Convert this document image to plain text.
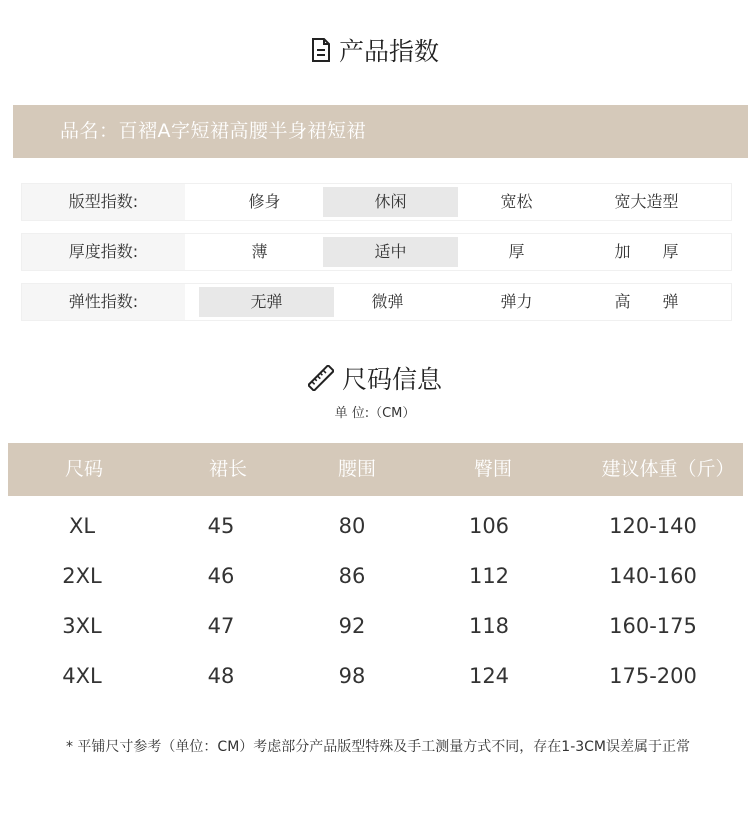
产品指数
品名：百褶A字短裙高腰半身裙短裙
版型指数:	修身	休闲	宽松	宽大造型
厚度指数:	薄	适中	厚	加　　厚
弹性指数:	无弹	微弹	弹力	高　　弹
尺码信息
单 位:（CM）
尺码	裙长	腰围	臀围	建议体重（斤）
XL	45	80	106	120-140
2XL	46	86	112	140-160
3XL	47	92	118	160-175
4XL	48	98	124	175-200
* 平铺尺寸参考（单位：CM）考虑部分产品版型特殊及手工测量方式不同，存在1-3CM误差属于正常
